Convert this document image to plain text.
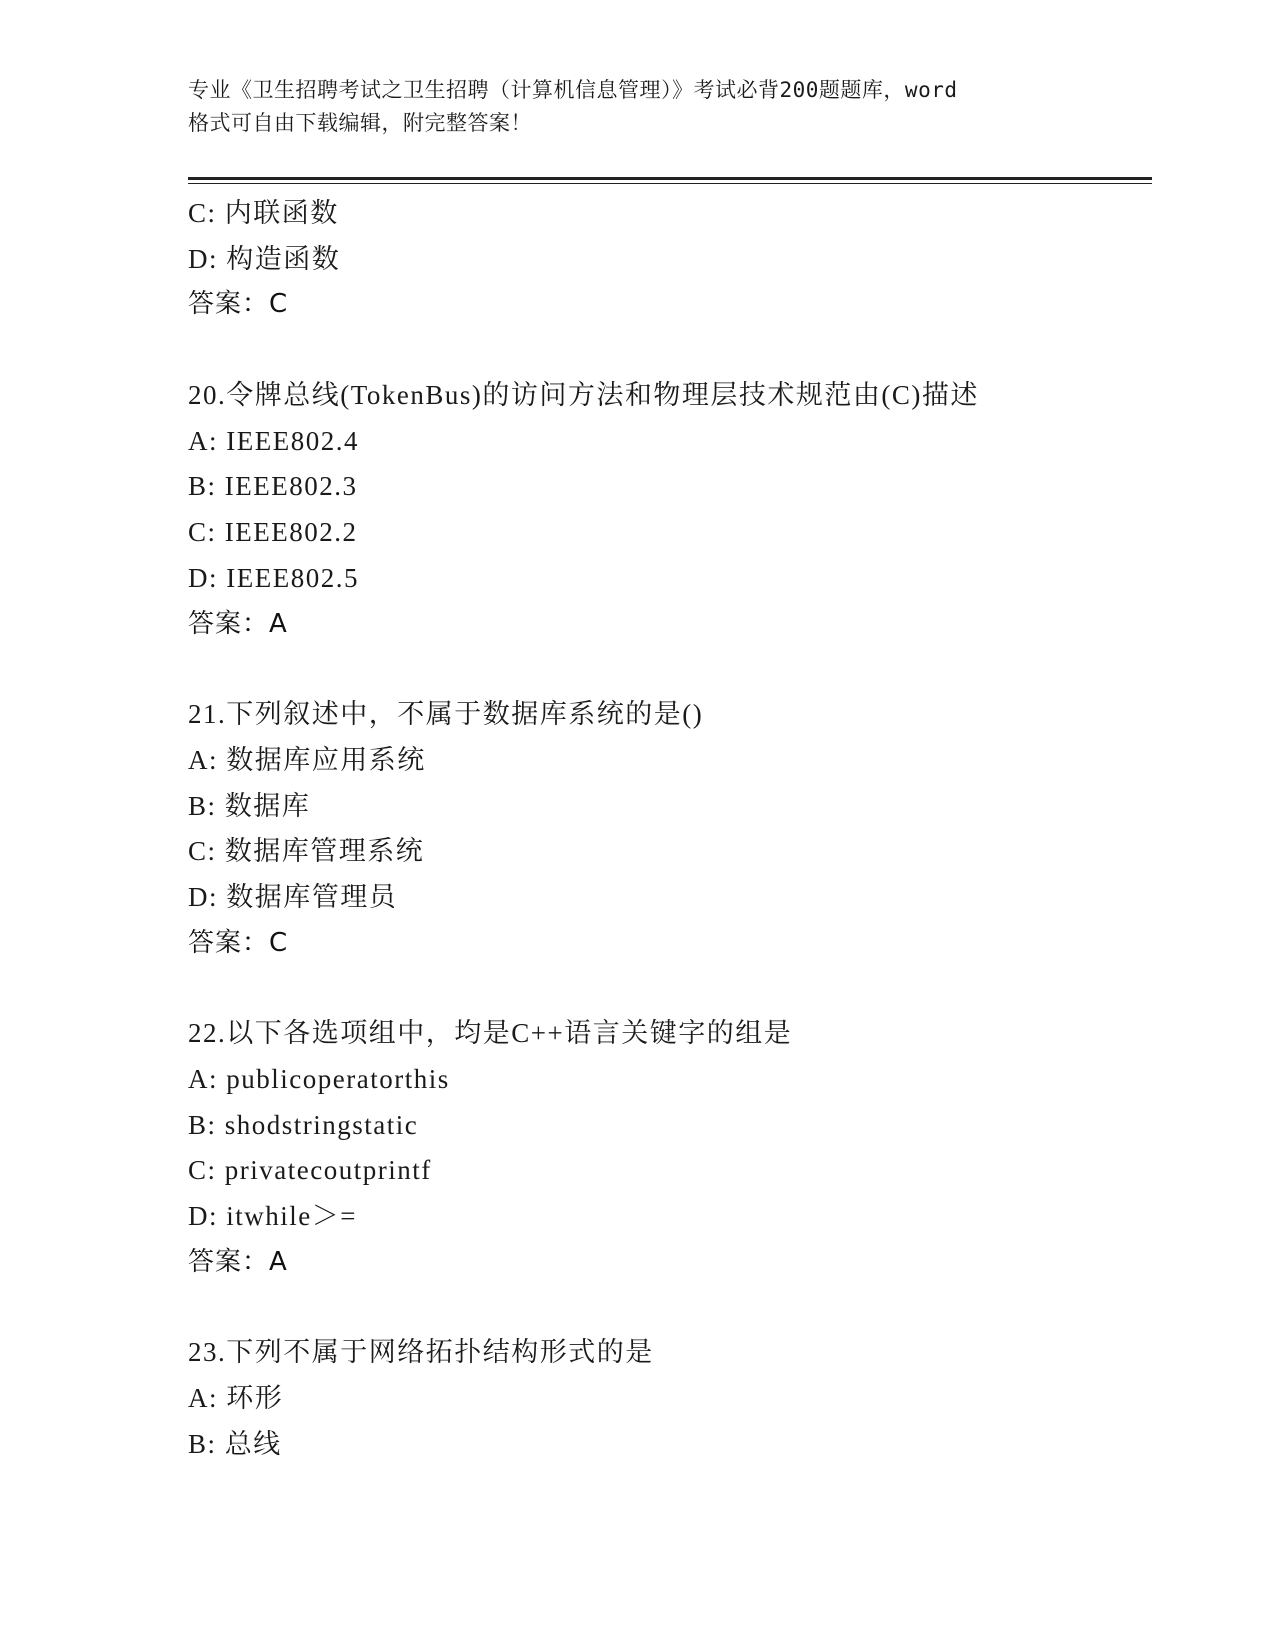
专业《卫生招聘考试之卫生招聘（计算机信息管理）》考试必背200题题库，word
格式可自由下载编辑，附完整答案！
C: 内联函数
D: 构造函数
答案：C
20.令牌总线(TokenBus)的访问方法和物理层技术规范由(C)描述
A: IEEE802.4
B: IEEE802.3
C: IEEE802.2
D: IEEE802.5
答案：A
21.下列叙述中，不属于数据库系统的是()
A: 数据库应用系统
B: 数据库
C: 数据库管理系统
D: 数据库管理员
答案：C
22.以下各选项组中，均是C++语言关键字的组是
A: publicoperatorthis
B: shodstringstatic
C: privatecoutprintf
D: itwhile＞=
答案：A
23.下列不属于网络拓扑结构形式的是
A: 环形
B: 总线
